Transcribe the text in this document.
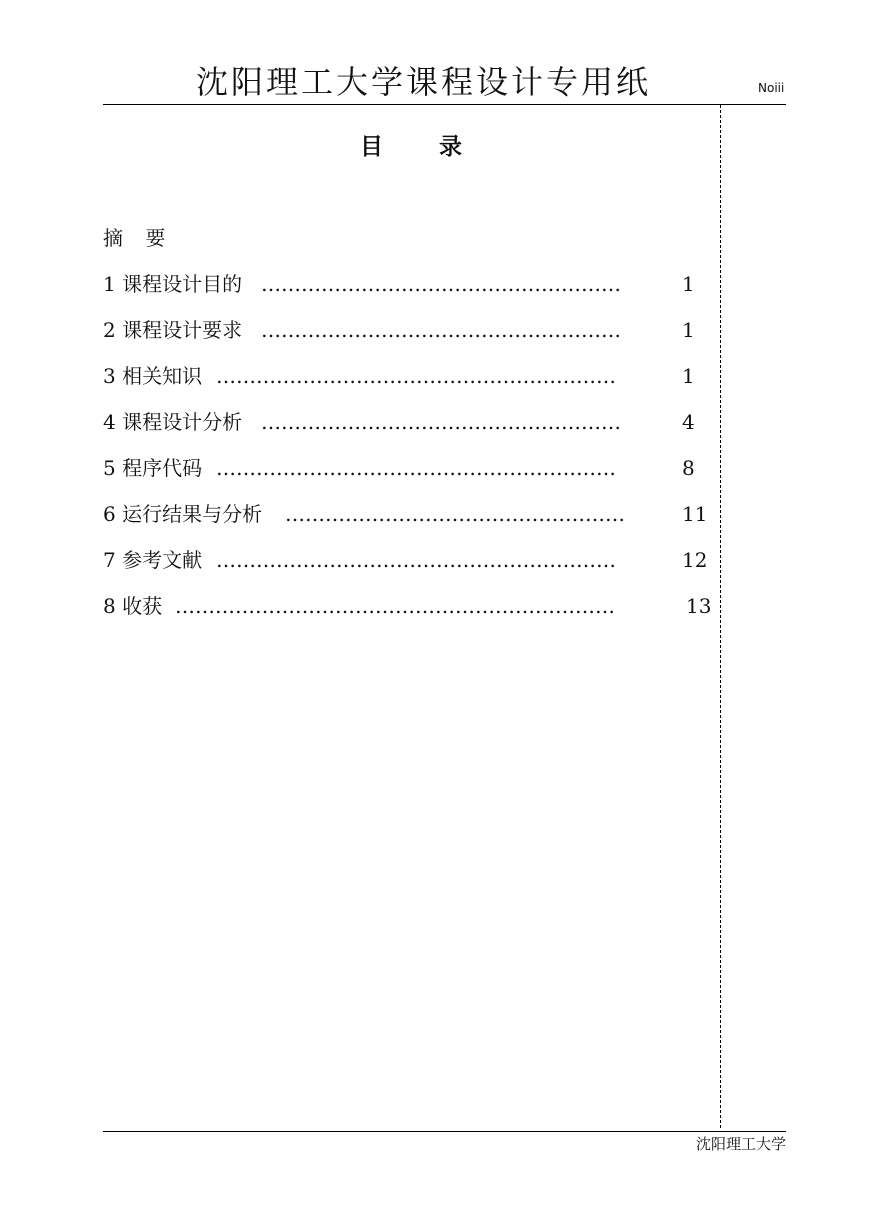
沈阳理工大学课程设计专用纸	Noiii
目 录
摘 要
1 课程设计目的 ………………………………………………	1
2 课程设计要求 ………………………………………………	1
3 相关知识 ……………………………………………………	1
4 课程设计分析 ………………………………………………	4
5 程序代码 ……………………………………………………	8
6 运行结果与分析 ……………………………………………	11
7 参考文献 ……………………………………………………	12
8 收获 …………………………………………………………	13
沈阳理工大学
